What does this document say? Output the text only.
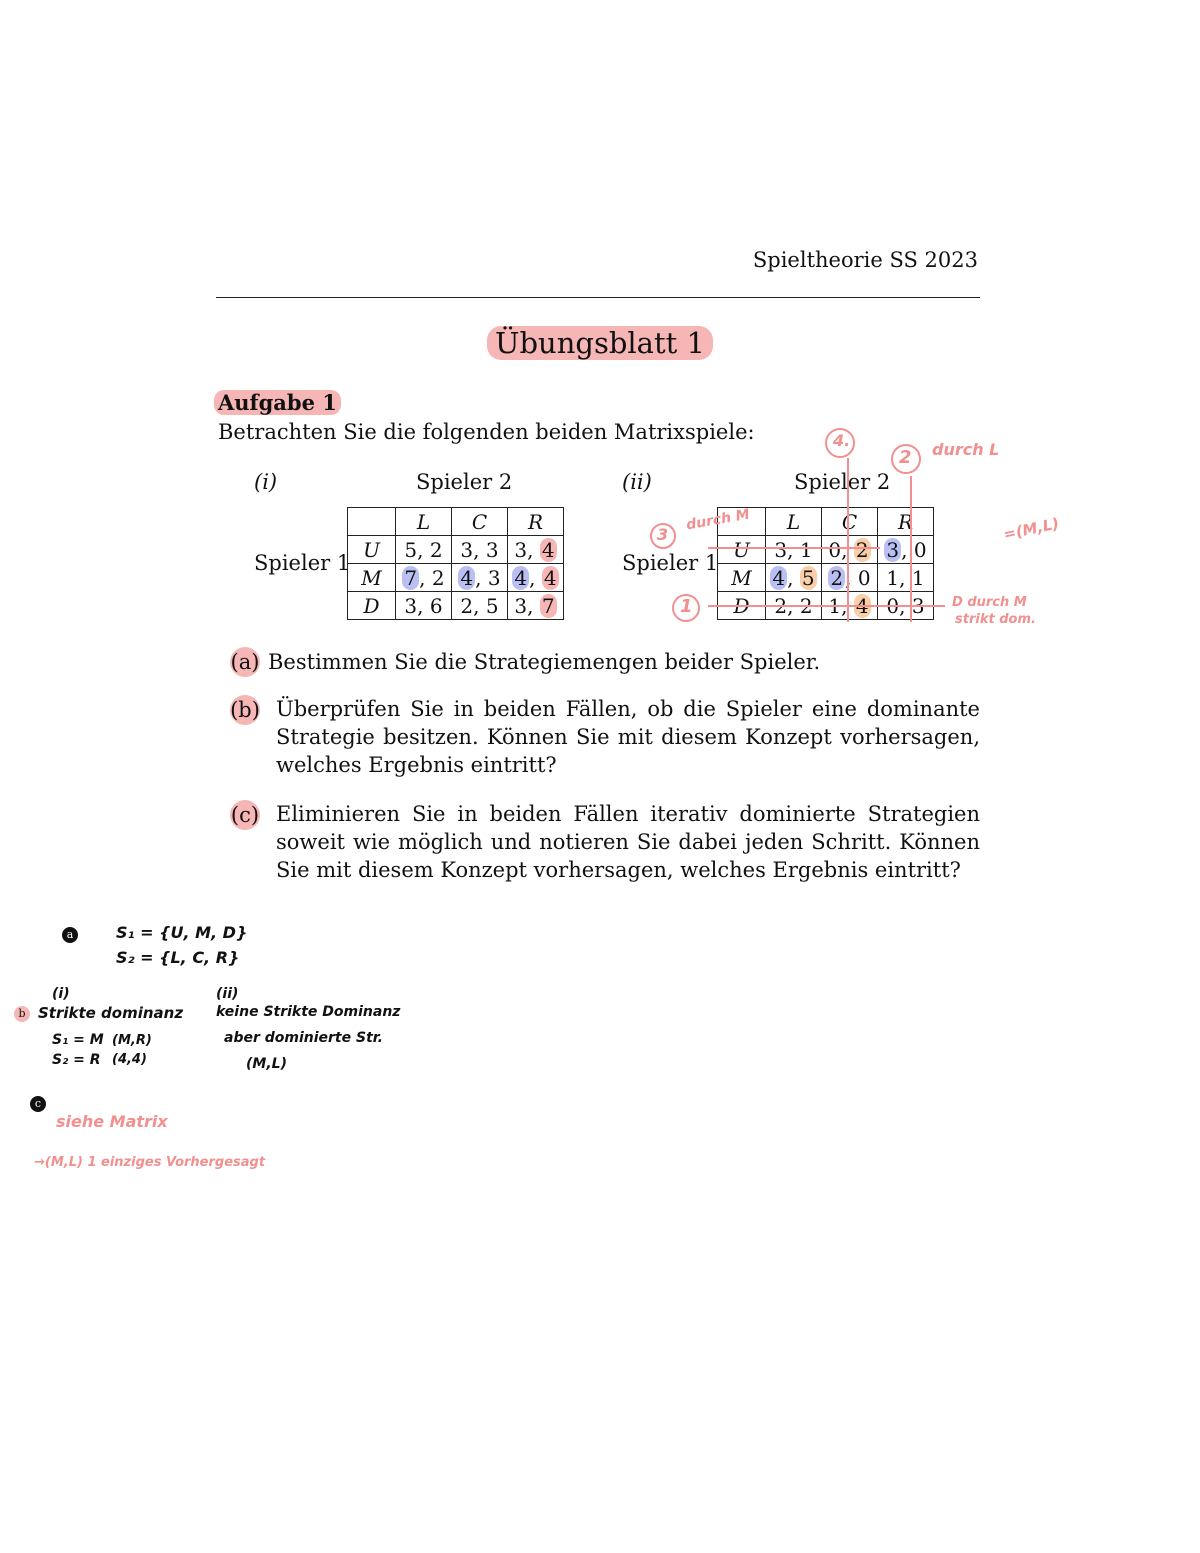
Spieltheorie SS 2023
Übungsblatt 1
Aufgabe 1
Betrachten Sie die folgenden beiden Matrixspiele:
(i)	Spieler 2
Spieler 1
	L	C	R
U	5, 2	3, 3	3, 4
M	7 , 2	4 , 3	4 , 4
D	3, 6	2, 5	3, 7
(ii)	Spieler 2
Spieler 1
	L	C	R
U	3, 1	0, 2	3 , 0
M	4 , 5	2 , 0	1, 1
D	2, 2	1, 4	0, 3
4.
2 durch L
3
durch M
1
=(M,L)
D durch M
strikt dom.
(a) Bestimmen Sie die Strategiemengen beider Spieler.
(b) Überprüfen Sie in beiden Fällen, ob die Spieler eine dominante Strategie besitzen. Können Sie mit diesem Konzept vorhersagen, welches Ergebnis eintritt?
(c) Eliminieren Sie in beiden Fällen iterativ dominierte Strategien soweit wie möglich und notieren Sie dabei jeden Schritt. Können Sie mit diesem Konzept vorhersagen, welches Ergebnis eintritt?
a	S₁ = {U, M, D}
S₂ = {L, C, R}
(i)
b Strikte dominanz
S₁ = M
S₂ = R
(M,R)
(4,4)
(ii)
keine Strikte Dominanz
aber dominierte Str.
(M,L)
c
siehe Matrix
→(M,L) 1 einziges Vorhergesagt
